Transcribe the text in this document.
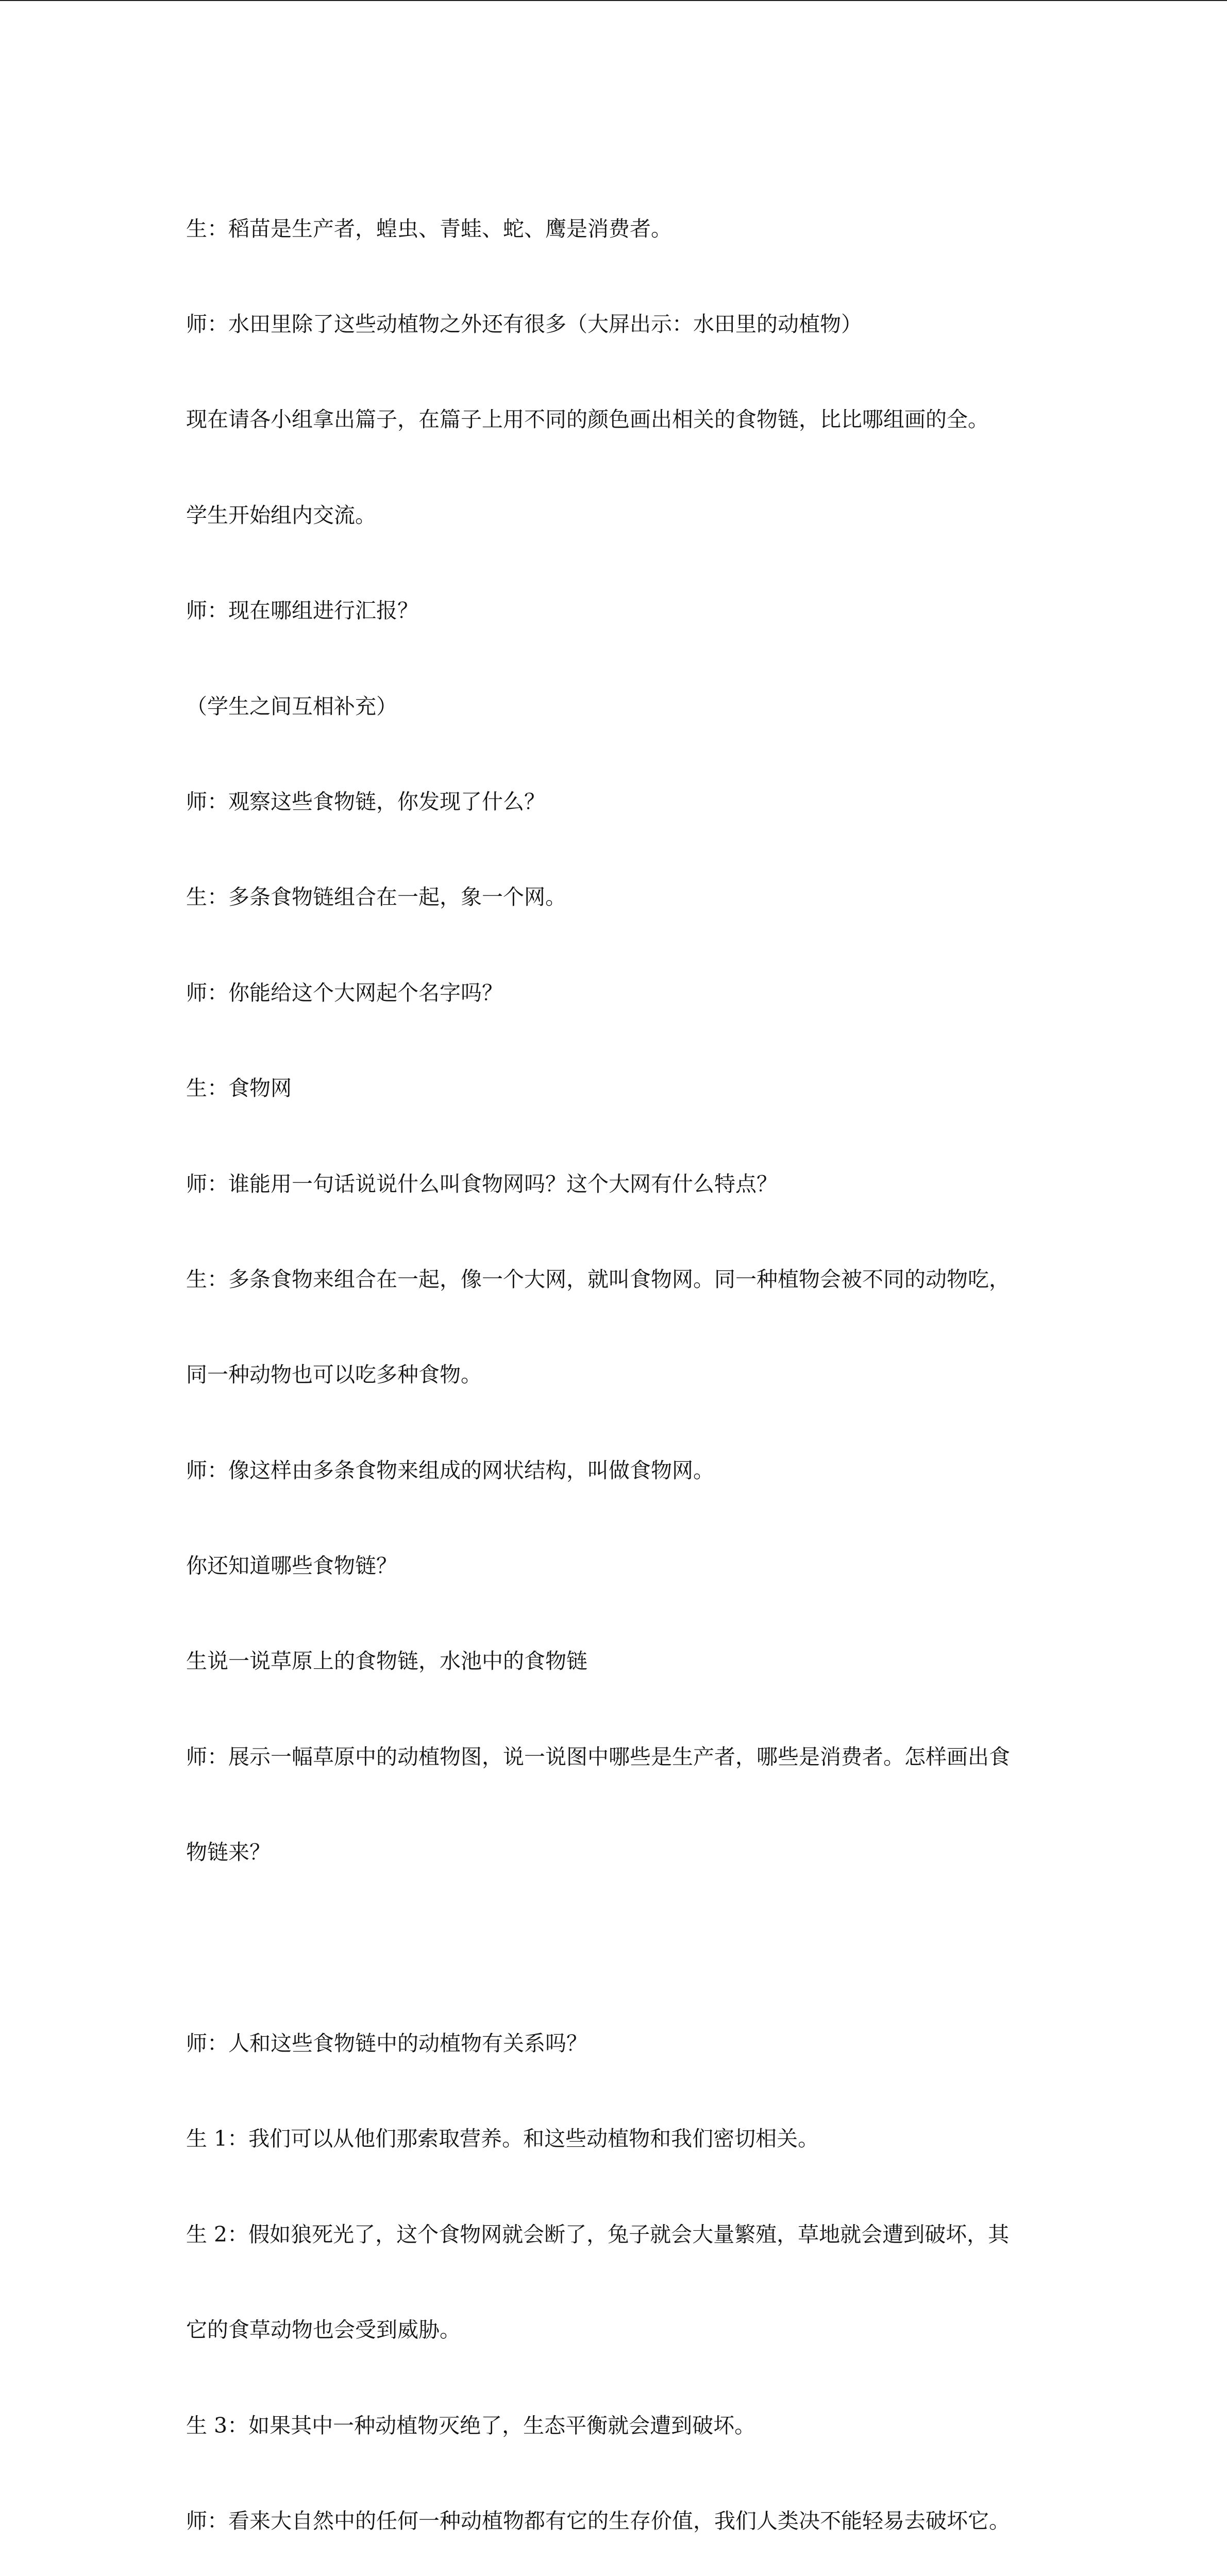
生：稻苗是生产者，蝗虫、青蛙、蛇、鹰是消费者。

师：水田里除了这些动植物之外还有很多（大屏出示：水田里的动植物）

现在请各小组拿出篇子，在篇子上用不同的颜色画出相关的食物链，比比哪组画的全。

学生开始组内交流。

师：现在哪组进行汇报？

（学生之间互相补充）

师：观察这些食物链，你发现了什么？

生：多条食物链组合在一起，象一个网。

师：你能给这个大网起个名字吗？

生：食物网

师：谁能用一句话说说什么叫食物网吗？这个大网有什么特点？

生：多条食物来组合在一起，像一个大网，就叫食物网。同一种植物会被不同的动物吃，

同一种动物也可以吃多种食物。

师：像这样由多条食物来组成的网状结构，叫做食物网。

你还知道哪些食物链？

生说一说草原上的食物链，水池中的食物链

师：展示一幅草原中的动植物图，说一说图中哪些是生产者，哪些是消费者。怎样画出食

物链来？

师：人和这些食物链中的动植物有关系吗？

生 1：我们可以从他们那索取营养。和这些动植物和我们密切相关。

生 2：假如狼死光了，这个食物网就会断了，兔子就会大量繁殖，草地就会遭到破坏，其

它的食草动物也会受到威胁。

生 3：如果其中一种动植物灭绝了，生态平衡就会遭到破坏。

师：看来大自然中的任何一种动植物都有它的生存价值，我们人类决不能轻易去破坏它。
